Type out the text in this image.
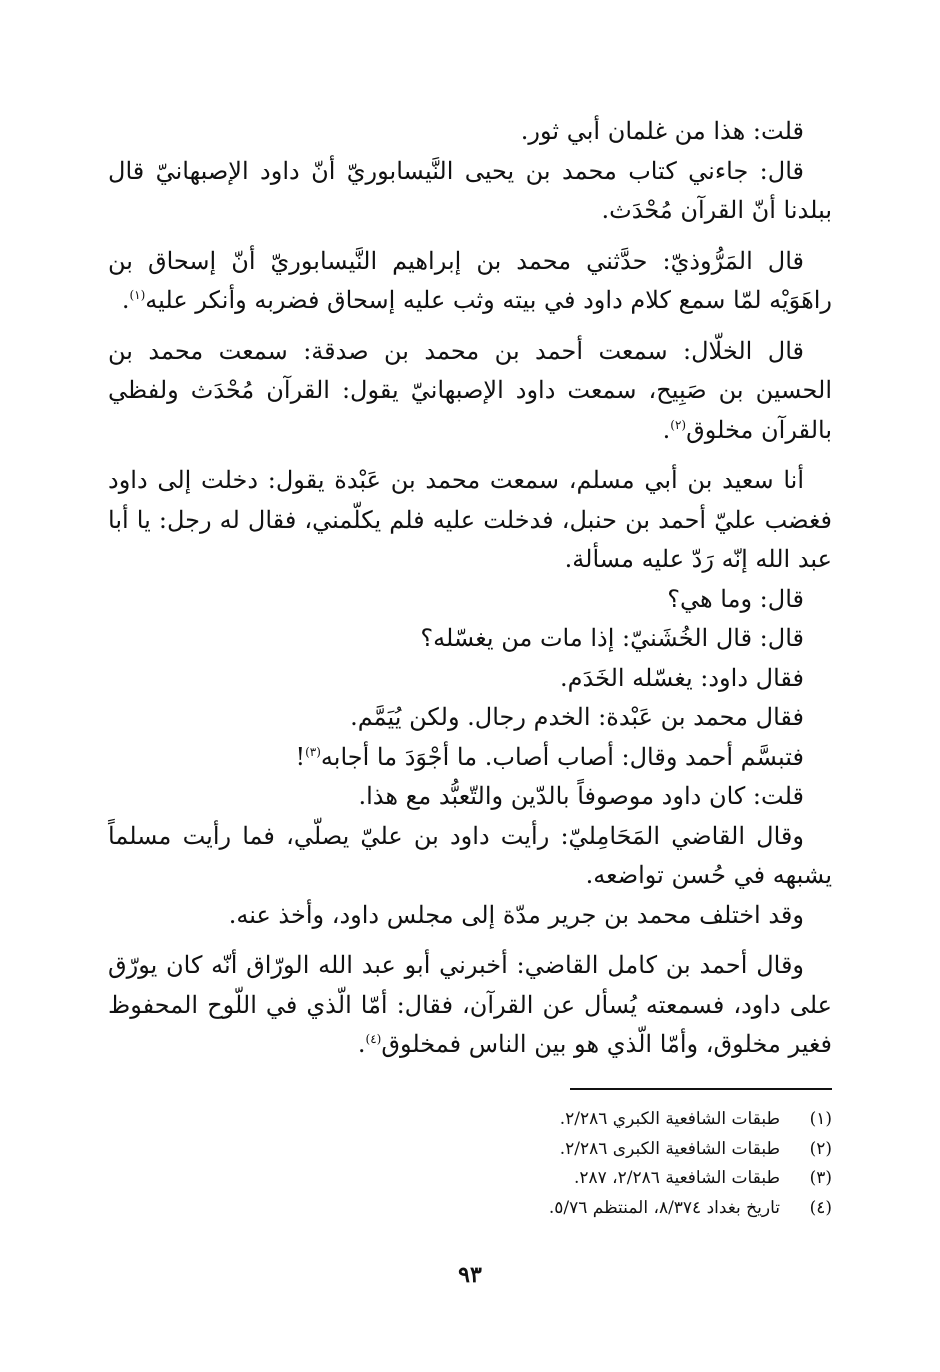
قلت: هذا من غلمان أبي ثور.

قال: جاءني كتاب محمد بن يحيى النَّيسابوريّ أنّ داود الإصبهانيّ قال ببلدنا أنّ القرآن مُحْدَث.

قال المَرُّوذيّ: حدَّثني محمد بن إبراهيم النَّيسابوريّ أنّ إسحاق بن راهَوَيْه لمّا سمع كلام داود في بيته وثب عليه إسحاق فضربه وأنكر عليه$^{(١)}$.

قال الخلّال: سمعت أحمد بن محمد بن صدقة: سمعت محمد بن الحسين بن صَبِيح، سمعت داود الإصبهانيّ يقول: القرآن مُحْدَث ولفظي بالقرآن مخلوق$^{(٢)}$.

أنا سعيد بن أبي مسلم، سمعت محمد بن عَبْدة يقول: دخلت إلى داود فغضب عليّ أحمد بن حنبل، فدخلت عليه فلم يكلّمني، فقال له رجل: يا أبا عبد الله إنّه رَدّ عليه مسألة.

قال: وما هي؟

قال: قال الخُشَنيّ: إذا مات من يغسّله؟

فقال داود: يغسّله الخَدَم.

فقال محمد بن عَبْدة: الخدم رجال. ولكن يُيَمَّم.

فتبسَّم أحمد وقال: أصاب أصاب. ما أجْوَدَ ما أجابه$^{(٣)}$!

قلت: كان داود موصوفاً بالدّين والتّعبُّد مع هذا.

وقال القاضي المَحَامِليّ: رأيت داود بن عليّ يصلّي، فما رأيت مسلماً يشبهه في حُسن تواضعه.

وقد اختلف محمد بن جرير مدّة إلى مجلس داود، وأخذ عنه.

وقال أحمد بن كامل القاضي: أخبرني أبو عبد الله الورّاق أنّه كان يورّق على داود، فسمعته يُسأل عن القرآن، فقال: أمّا الّذي في اللّوح المحفوظ فغير مخلوق، وأمّا الّذي هو بين الناس فمخلوق$^{(٤)}$.

(١)
طبقات الشافعية الكبري ٢/٢٨٦.
(٢)
طبقات الشافعية الكبرى ٢/٢٨٦.
(٣)
طبقات الشافعية ٢/٢٨٦، ٢٨٧.
(٤)
تاريخ بغداد ٨/٣٧٤، المنتظم ٥/٧٦.
٩٣
